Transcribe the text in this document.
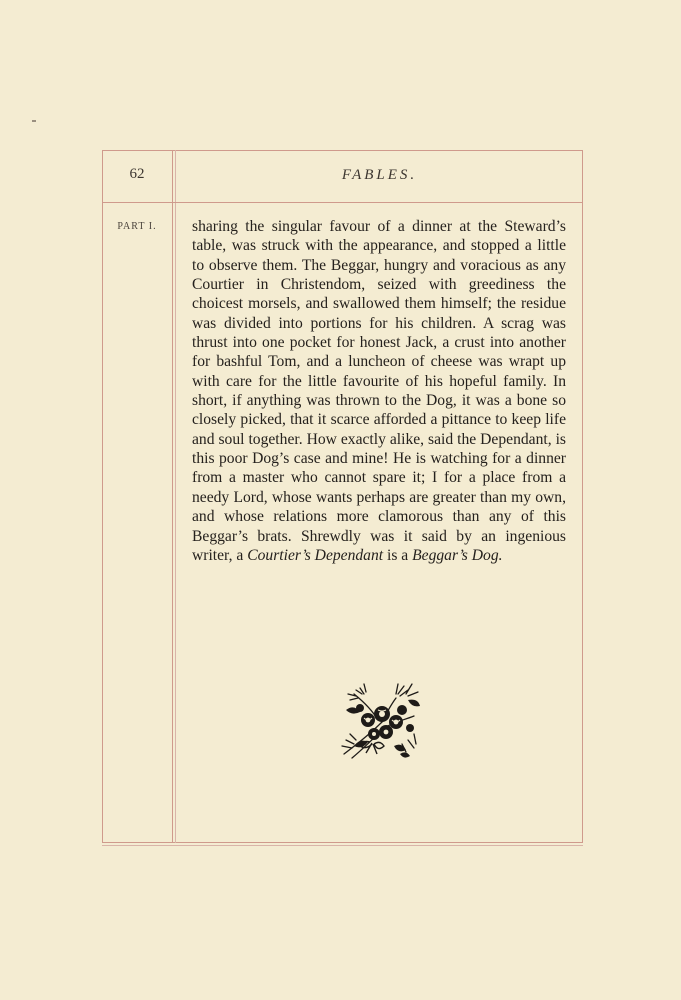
62	FABLES.
PART I.	sharing the singular favour of a dinner at the Steward’s table, was struck with the appearance, and stopped a little to observe them. The Beggar, hungry and voracious as any Courtier in Christendom, seized with greediness the choicest morsels, and swallowed them himself; the residue was divided into portions for his children. A scrag was thrust into one pocket for honest Jack, a crust into another for bashful Tom, and a luncheon of cheese was wrapt up with care for the little favourite of his hopeful family. In short, if anything was thrown to the Dog, it was a bone so closely picked, that it scarce afforded a pittance to keep life and soul together. How exactly alike, said the Dependant, is this poor Dog’s case and mine! He is watching for a dinner from a master who cannot spare it; I for a place from a needy Lord, whose wants perhaps are greater than my own, and whose relations more clamorous than any of this Beggar’s brats. Shrewdly was it said by an ingenious writer, a Courtier’s Dependant is a Beggar’s Dog.
